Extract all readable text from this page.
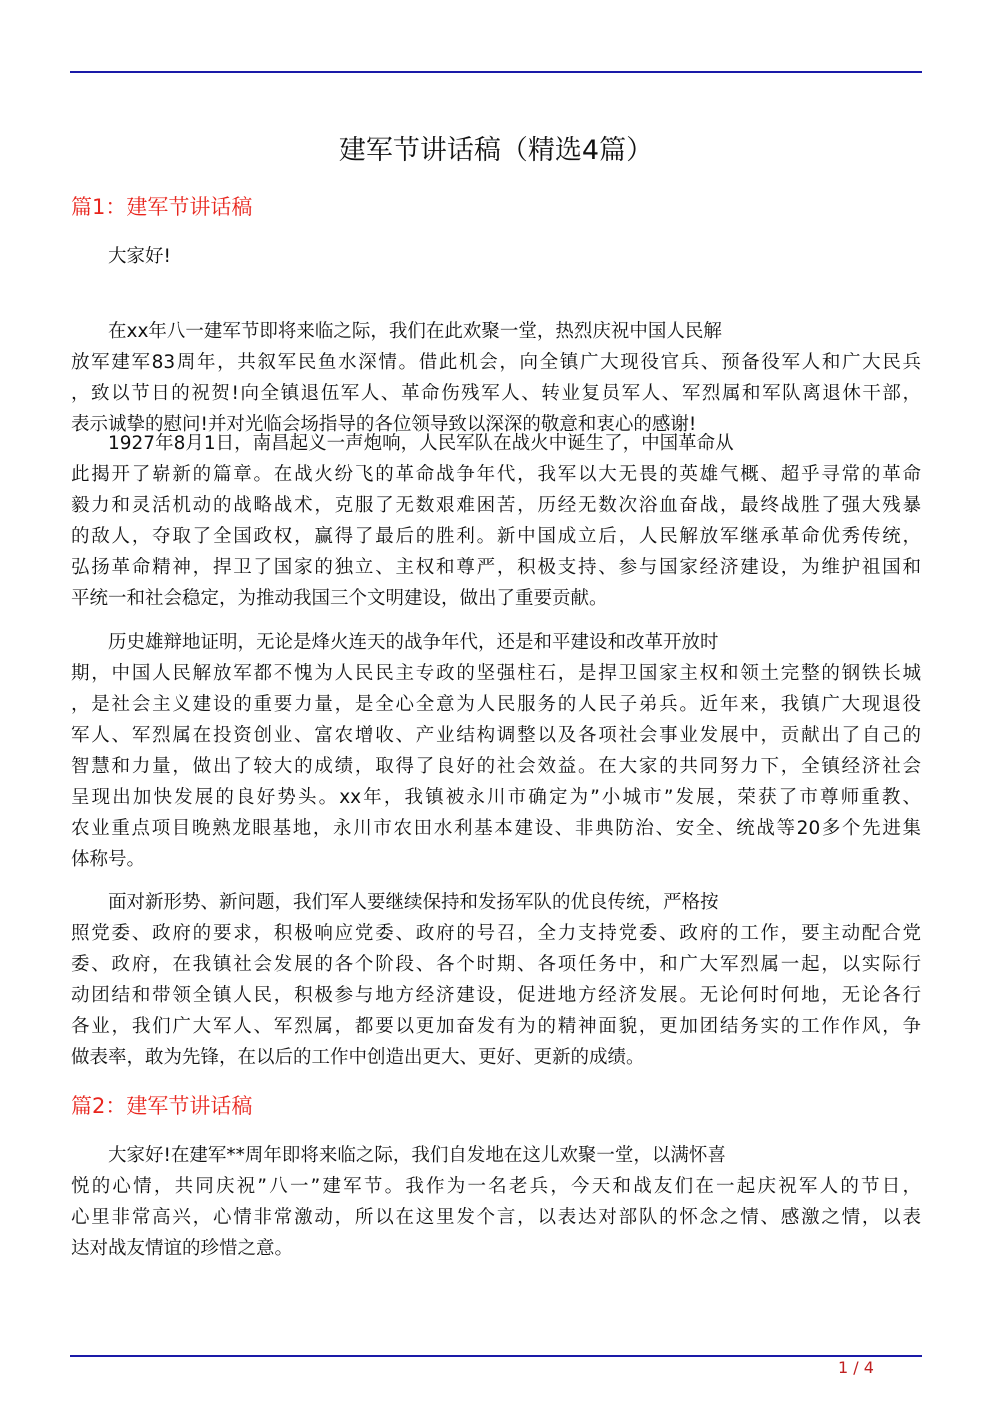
建军节讲话稿（精选4篇）
篇1：建军节讲话稿
大家好!
在xx年八一建军节即将来临之际，我们在此欢聚一堂，热烈庆祝中国人民解
放军建军83周年，共叙军民鱼水深情。借此机会，向全镇广大现役官兵、预备役军人和广大民兵
，致以节日的祝贺!向全镇退伍军人、革命伤残军人、转业复员军人、军烈属和军队离退休干部，
表示诚挚的慰问!并对光临会场指导的各位领导致以深深的敬意和衷心的感谢!
1927年8月1日，南昌起义一声炮响，人民军队在战火中诞生了，中国革命从
此揭开了崭新的篇章。在战火纷飞的革命战争年代，我军以大无畏的英雄气概、超乎寻常的革命
毅力和灵活机动的战略战术，克服了无数艰难困苦，历经无数次浴血奋战，最终战胜了强大残暴
的敌人，夺取了全国政权，赢得了最后的胜利。新中国成立后，人民解放军继承革命优秀传统，
弘扬革命精神，捍卫了国家的独立、主权和尊严，积极支持、参与国家经济建设，为维护祖国和
平统一和社会稳定，为推动我国三个文明建设，做出了重要贡献。
历史雄辩地证明，无论是烽火连天的战争年代，还是和平建设和改革开放时
期，中国人民解放军都不愧为人民民主专政的坚强柱石，是捍卫国家主权和领土完整的钢铁长城
，是社会主义建设的重要力量，是全心全意为人民服务的人民子弟兵。近年来，我镇广大现退役
军人、军烈属在投资创业、富农增收、产业结构调整以及各项社会事业发展中，贡献出了自己的
智慧和力量，做出了较大的成绩，取得了良好的社会效益。在大家的共同努力下，全镇经济社会
呈现出加快发展的良好势头。xx年，我镇被永川市确定为”小城市”发展，荣获了市尊师重教、
农业重点项目晚熟龙眼基地，永川市农田水利基本建设、非典防治、安全、统战等20多个先进集
体称号。
面对新形势、新问题，我们军人要继续保持和发扬军队的优良传统，严格按
照党委、政府的要求，积极响应党委、政府的号召，全力支持党委、政府的工作，要主动配合党
委、政府，在我镇社会发展的各个阶段、各个时期、各项任务中，和广大军烈属一起，以实际行
动团结和带领全镇人民，积极参与地方经济建设，促进地方经济发展。无论何时何地，无论各行
各业，我们广大军人、军烈属，都要以更加奋发有为的精神面貌，更加团结务实的工作作风，争
做表率，敢为先锋，在以后的工作中创造出更大、更好、更新的成绩。
篇2：建军节讲话稿
大家好!在建军**周年即将来临之际，我们自发地在这儿欢聚一堂，以满怀喜
悦的心情，共同庆祝”八一”建军节。我作为一名老兵，今天和战友们在一起庆祝军人的节日，
心里非常高兴，心情非常激动，所以在这里发个言，以表达对部队的怀念之情、感激之情，以表
达对战友情谊的珍惜之意。
1 / 4
